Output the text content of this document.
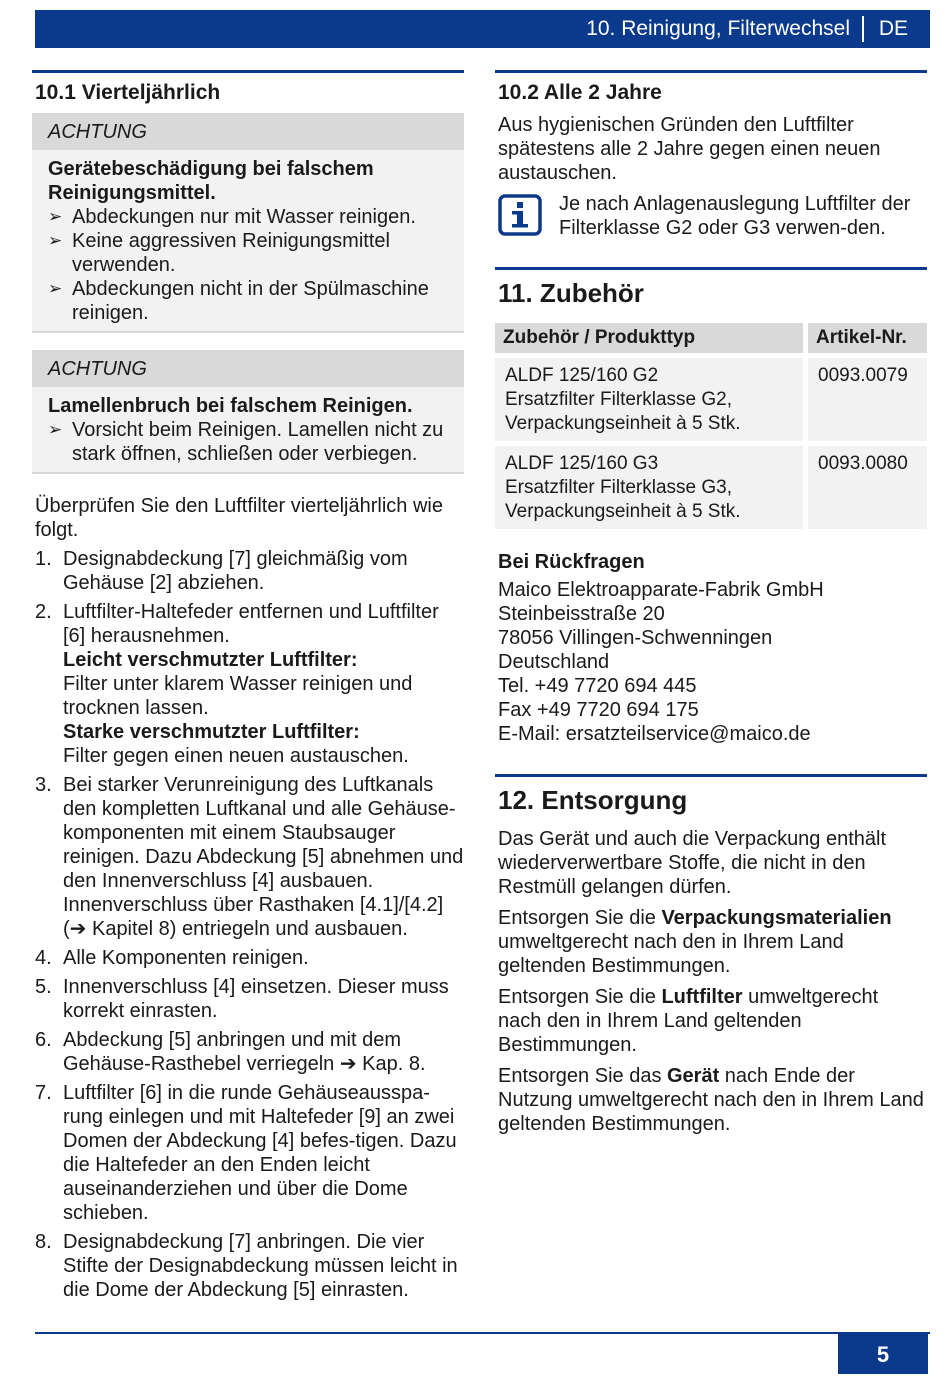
10. Reinigung, Filterwechsel DE
10.1 Vierteljährlich
ACHTUNG
Gerätebeschädigung bei falschem Reinigungsmittel.
➢ Abdeckungen nur mit Wasser reinigen.
➢ Keine aggressiven Reinigungsmittel verwenden.
➢ Abdeckungen nicht in der Spülmaschine reinigen.
ACHTUNG
Lamellenbruch bei falschem Reinigen.
➢ Vorsicht beim Reinigen. Lamellen nicht zu stark öffnen, schließen oder verbiegen.

Überprüfen Sie den Luftfilter vierteljährlich wie folgt.

1. Designabdeckung [7] gleichmäßig vom Gehäuse [2] abziehen.
2. Luftfilter-Haltefeder entfernen und Luftfilter [6] herausnehmen.
Leicht verschmutzter Luftfilter:
Filter unter klarem Wasser reinigen und trocknen lassen.
Starke verschmutzter Luftfilter:
Filter gegen einen neuen austauschen.
3. Bei starker Verunreinigung des Luftkanals den kompletten Luftkanal und alle Gehäuse-komponenten mit einem Staubsauger reinigen. Dazu Abdeckung [5] abnehmen und den Innenverschluss [4] ausbauen. Innenverschluss über Rasthaken [4.1]/[4.2] (➔ Kapitel 8) entriegeln und ausbauen.
4. Alle Komponenten reinigen.
5. Innenverschluss [4] einsetzen. Dieser muss korrekt einrasten.
6. Abdeckung [5] anbringen und mit dem Gehäuse-Rasthebel verriegeln ➔ Kap. 8.
7. Luftfilter [6] in die runde Gehäuseausspa-rung einlegen und mit Haltefeder [9] an zwei Domen der Abdeckung [4] befes-tigen. Dazu die Haltefeder an den Enden leicht auseinanderziehen und über die Dome schieben.
8. Designabdeckung [7] anbringen. Die vier Stifte der Designabdeckung müssen leicht in die Dome der Abdeckung [5] einrasten.
10.2 Alle 2 Jahre

Aus hygienischen Gründen den Luftfilter spätestens alle 2 Jahre gegen einen neuen austauschen.

Je nach Anlagenauslegung Luftfilter der Filterklasse G2 oder G3 verwen-den.
11. Zubehör
Zubehör / Produkttyp	Artikel-Nr.
ALDF 125/160 G2
Ersatzfilter Filterklasse G2,
Verpackungseinheit à 5 Stk.	0093.0079
ALDF 125/160 G3
Ersatzfilter Filterklasse G3,
Verpackungseinheit à 5 Stk.	0093.0080
Bei Rückfragen
Maico Elektroapparate-Fabrik GmbH
Steinbeisstraße 20
78056 Villingen-Schwenningen
Deutschland
Tel. +49 7720 694 445
Fax +49 7720 694 175
E-Mail: ersatzteilservice@maico.de
12. Entsorgung

Das Gerät und auch die Verpackung enthält wiederverwertbare Stoffe, die nicht in den Restmüll gelangen dürfen.

Entsorgen Sie die Verpackungsmaterialien umweltgerecht nach den in Ihrem Land geltenden Bestimmungen.

Entsorgen Sie die Luftfilter umweltgerecht nach den in Ihrem Land geltenden Bestimmungen.

Entsorgen Sie das Gerät nach Ende der Nutzung umweltgerecht nach den in Ihrem Land geltenden Bestimmungen.

5
